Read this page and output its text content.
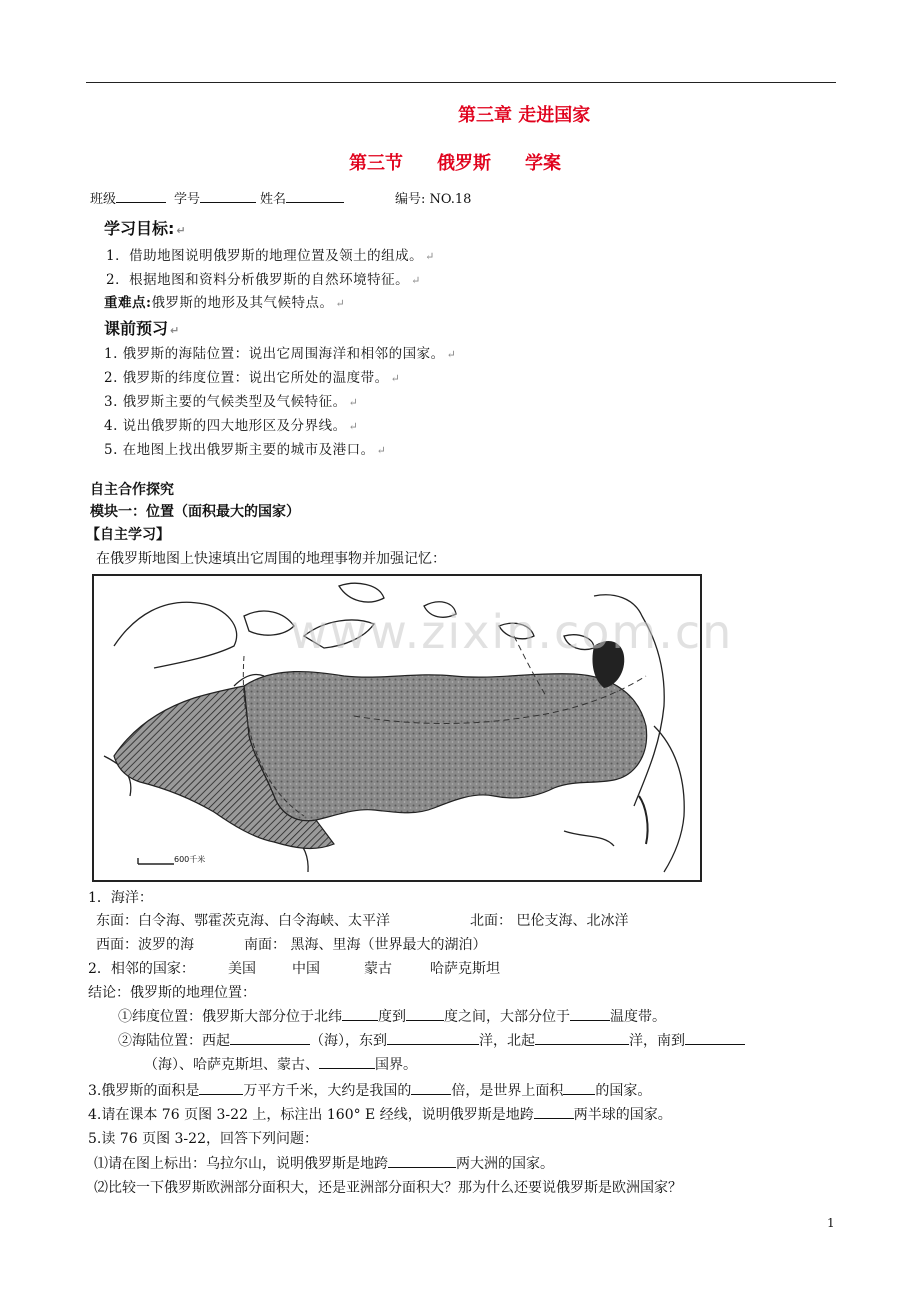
第三章 走进国家
第三节 俄罗斯 学案
班级	学号	姓名	编号: NO.18
学习目标: ↵
1．借助地图说明俄罗斯的地理位置及领土的组成。 ↵
2．根据地图和资料分析俄罗斯的自然环境特征。 ↵
重难点:俄罗斯的地形及其气候特点。 ↵
课前预习 ↵
1. 俄罗斯的海陆位置：说出它周围海洋和相邻的国家。 ↵
2. 俄罗斯的纬度位置：说出它所处的温度带。 ↵
3. 俄罗斯主要的气候类型及气候特征。 ↵
4. 说出俄罗斯的四大地形区及分界线。 ↵
5. 在地图上找出俄罗斯主要的城市及港口。 ↵
自主合作探究
模块一：位置（面积最大的国家）
【自主学习】
在俄罗斯地图上快速填出它周围的地理事物并加强记忆：
600千米
www.zixin.com.cn
1．海洋：
东面：白令海、鄂霍茨克海、白令海峡、太平洋	北面： 巴伦支海、北冰洋
西面：波罗的海	南面： 黑海、里海（世界最大的湖泊）
2．相邻的国家： 美国	中国	蒙古	哈萨克斯坦
结论：俄罗斯的地理位置：
①纬度位置：俄罗斯大部分位于北纬	度到	度之间，大部分位于	温度带。
②海陆位置：西起	（海），东到	洋，北起	洋，南到
（海）、哈萨克斯坦、蒙古、	国界。
3.俄罗斯的面积是	万平方千米，大约是我国的	倍，是世界上面积 的国家。
4.请在课本 76 页图 3-22 上，标注出 160° E 经线，说明俄罗斯是地跨	两半球的国家。
5.读 76 页图 3-22，回答下列问题：
⑴请在图上标出：乌拉尔山，说明俄罗斯是地跨	两大洲的国家。
⑵比较一下俄罗斯欧洲部分面积大，还是亚洲部分面积大？那为什么还要说俄罗斯是欧洲国家？
1
